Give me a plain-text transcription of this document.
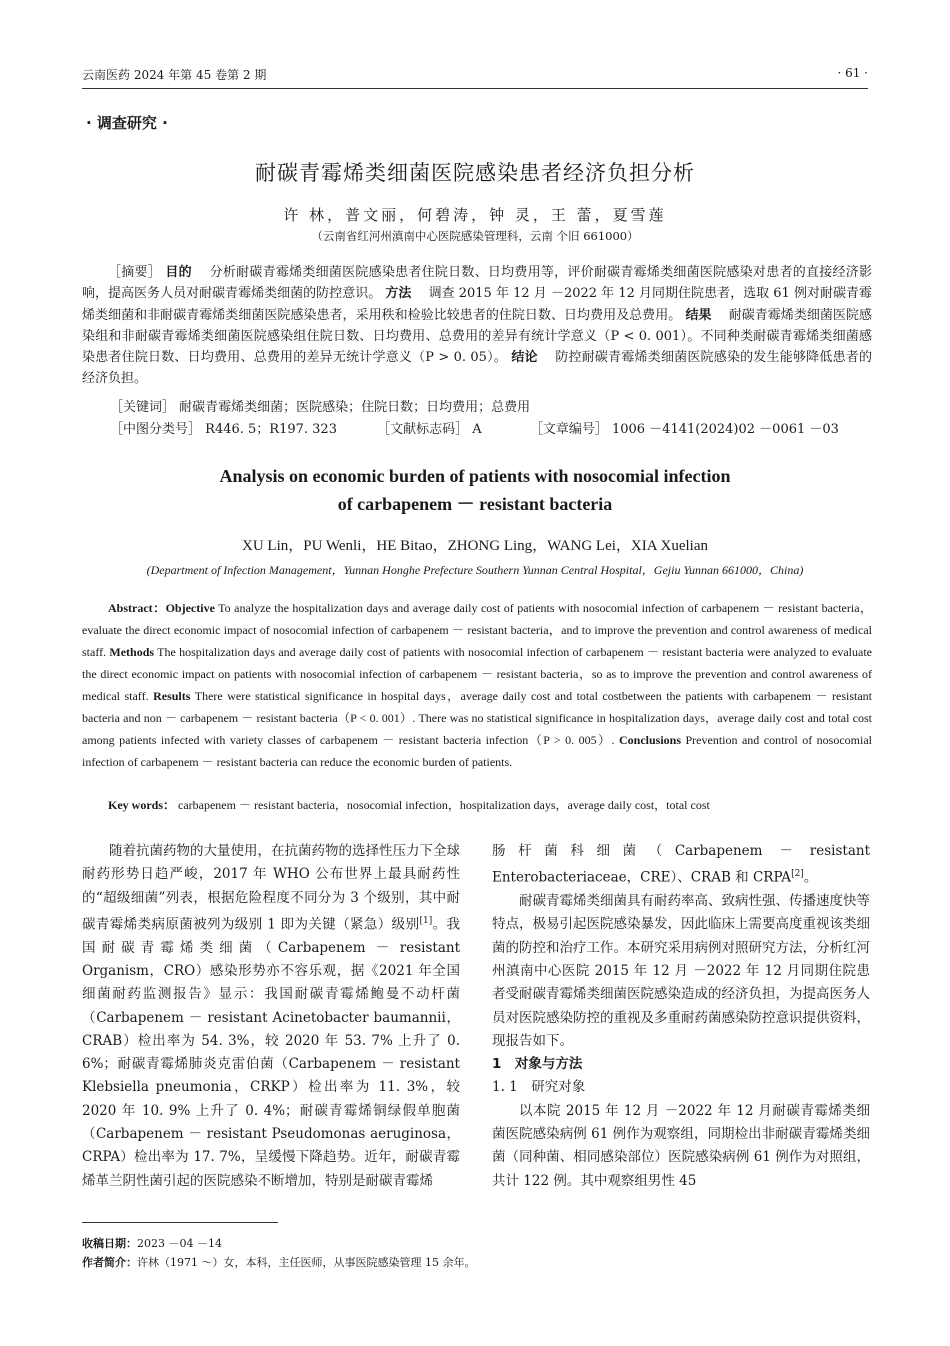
云南医药 2024 年第 45 卷第 2 期	· 61 ·
· 调查研究 ·
耐碳青霉烯类细菌医院感染患者经济负担分析
许 林，普文丽，何碧涛，钟 灵，王 蕾，夏雪莲
（云南省红河州滇南中心医院感染管理科，云南 个旧 661000）

［摘要］ 目的　 分析耐碳青霉烯类细菌医院感染患者住院日数、日均费用等，评价耐碳青霉烯类细菌医院感染对患者的直接经济影响，提高医务人员对耐碳青霉烯类细菌的防控意识。 方法　 调查 2015 年 12 月 －2022 年 12 月同期住院患者，选取 61 例对耐碳青霉烯类细菌和非耐碳青霉烯类细菌医院感染患者，采用秩和检验比较患者的住院日数、日均费用及总费用。 结果　 耐碳青霉烯类细菌医院感染组和非耐碳青霉烯类细菌医院感染组住院日数、日均费用、总费用的差异有统计学意义（P < 0. 001）。不同种类耐碳青霉烯类细菌感染患者住院日数、日均费用、总费用的差异无统计学意义（P > 0. 05）。 结论　 防控耐碳青霉烯类细菌医院感染的发生能够降低患者的经济负担。

［关键词］ 耐碳青霉烯类细菌；医院感染；住院日数；日均费用；总费用
［中图分类号］ R446. 5；R197. 323	［文献标志码］ A	［文章编号］ 1006 －4141(2024)02 －0061 －03
Analysis on economic burden of patients with nosocomial infection
of carbapenem － resistant bacteria
XU Lin，PU Wenli，HE Bitao，ZHONG Ling，WANG Lei，XIA Xuelian
(Department of Infection Management，Yunnan Honghe Prefecture Southern Yunnan Central Hospital，Gejiu Yunnan 661000，China)

Abstract：Objective To analyze the hospitalization days and average daily cost of patients with nosocomial infection of carbapenem － resistant bacteria，evaluate the direct economic impact of nosocomial infection of carbapenem － resistant bacteria，and to improve the prevention and control awareness of medical staff. Methods The hospitalization days and average daily cost of patients with nosocomial infection of carbapenem － resistant bacteria were analyzed to evaluate the direct economic impact on patients with nosocomial infection of carbapenem － resistant bacteria，so as to improve the prevention and control awareness of medical staff. Results There were statistical significance in hospital days，average daily cost and total costbetween the patients with carbapenem － resistant bacteria and non － carbapenem － resistant bacteria（P < 0. 001）. There was no statistical significance in hospitalization days，average daily cost and total cost among patients infected with variety classes of carbapenem － resistant bacteria infection（P > 0. 005）. Conclusions Prevention and control of nosocomial infection of carbapenem － resistant bacteria can reduce the economic burden of patients.

Key words： carbapenem － resistant bacteria，nosocomial infection，hospitalization days，average daily cost，total cost

随着抗菌药物的大量使用，在抗菌药物的选择性压力下全球耐药形势日趋严峻，2017 年 WHO 公布世界上最具耐药性的“超级细菌”列表，根据危险程度不同分为 3 个级别，其中耐碳青霉烯类病原菌被列为级别 1 即为关键（紧急）级别[1]。我国耐碳青霉烯类细菌（Carbapenem － resistant Organism，CRO）感染形势亦不容乐观，据《2021 年全国细菌耐药监测报告》显示：我国耐碳青霉烯鲍曼不动杆菌（Carbapenem － resistant Acinetobacter baumannii，CRAB）检出率为 54. 3%，较 2020 年 53. 7% 上升了 0. 6%；耐碳青霉烯肺炎克雷伯菌（Carbapenem － resistant Klebsiella pneumonia，CRKP）检出率为 11. 3%，较 2020 年 10. 9% 上升了 0. 4%；耐碳青霉烯铜绿假单胞菌（Carbapenem － resistant Pseudomonas aeruginosa，CRPA）检出率为 17. 7%，呈缓慢下降趋势。近年，耐碳青霉烯革兰阴性菌引起的医院感染不断增加，特别是耐碳青霉烯

肠杆菌科细菌（Carbapenem － resistant Enterobacteriaceae，CRE）、CRAB 和 CRPA[2]。

耐碳青霉烯类细菌具有耐药率高、致病性强、传播速度快等特点，极易引起医院感染暴发，因此临床上需要高度重视该类细菌的防控和治疗工作。本研究采用病例对照研究方法，分析红河州滇南中心医院 2015 年 12 月 －2022 年 12 月同期住院患者受耐碳青霉烯类细菌医院感染造成的经济负担，为提高医务人员对医院感染防控的重视及多重耐药菌感染防控意识提供资料，现报告如下。

1　对象与方法

1. 1　研究对象

以本院 2015 年 12 月 －2022 年 12 月耐碳青霉烯类细菌医院感染病例 61 例作为观察组，同期检出非耐碳青霉烯类细菌（同种菌、相同感染部位）医院感染病例 61 例作为对照组，共计 122 例。其中观察组男性 45

收稿日期：2023 －04 －14
作者简介：许林（1971 ～）女，本科，主任医师，从事医院感染管理 15 余年。
